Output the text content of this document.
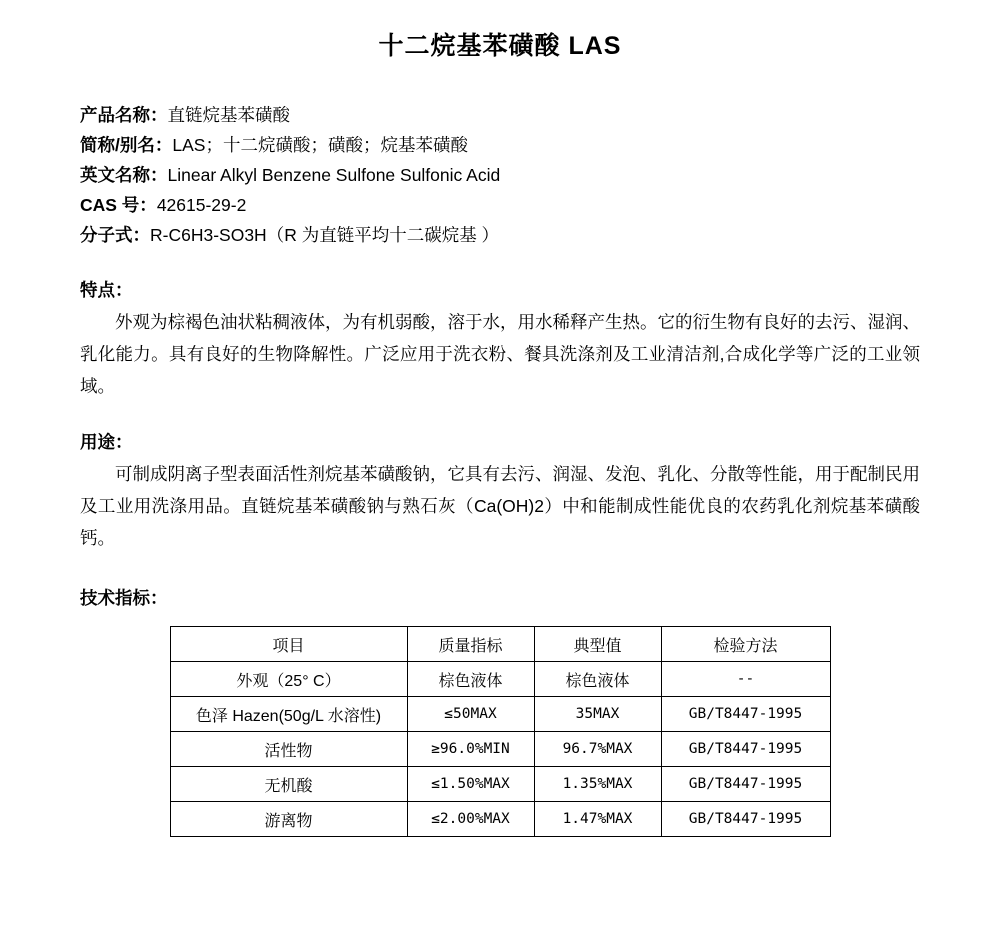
十二烷基苯磺酸 LAS
产品名称：直链烷基苯磺酸
简称/别名：LAS；十二烷磺酸；磺酸；烷基苯磺酸
英文名称：Linear Alkyl Benzene Sulfone Sulfonic Acid
CAS 号：42615-29-2
分子式：R-C6H3-SO3H（R 为直链平均十二碳烷基 ）
特点：
外观为棕褐色油状粘稠液体，为有机弱酸，溶于水，用水稀释产生热。它的衍生物有良好的去污、湿润、乳化能力。具有良好的生物降解性。广泛应用于洗衣粉、餐具洗涤剂及工业清洁剂,合成化学等广泛的工业领域。
用途：
可制成阴离子型表面活性剂烷基苯磺酸钠，它具有去污、润湿、发泡、乳化、分散等性能，用于配制民用及工业用洗涤用品。直链烷基苯磺酸钠与熟石灰（Ca(OH)2）中和能制成性能优良的农药乳化剂烷基苯磺酸钙。
技术指标：
项目	质量指标	典型值	检验方法
外观（25° C）	棕色液体	棕色液体	--
色泽 Hazen(50g/L 水溶性)	≤50MAX	35MAX	GB/T8447-1995
活性物	≥96.0%MIN	96.7%MAX	GB/T8447-1995
无机酸	≤1.50%MAX	1.35%MAX	GB/T8447-1995
游离物	≤2.00%MAX	1.47%MAX	GB/T8447-1995
